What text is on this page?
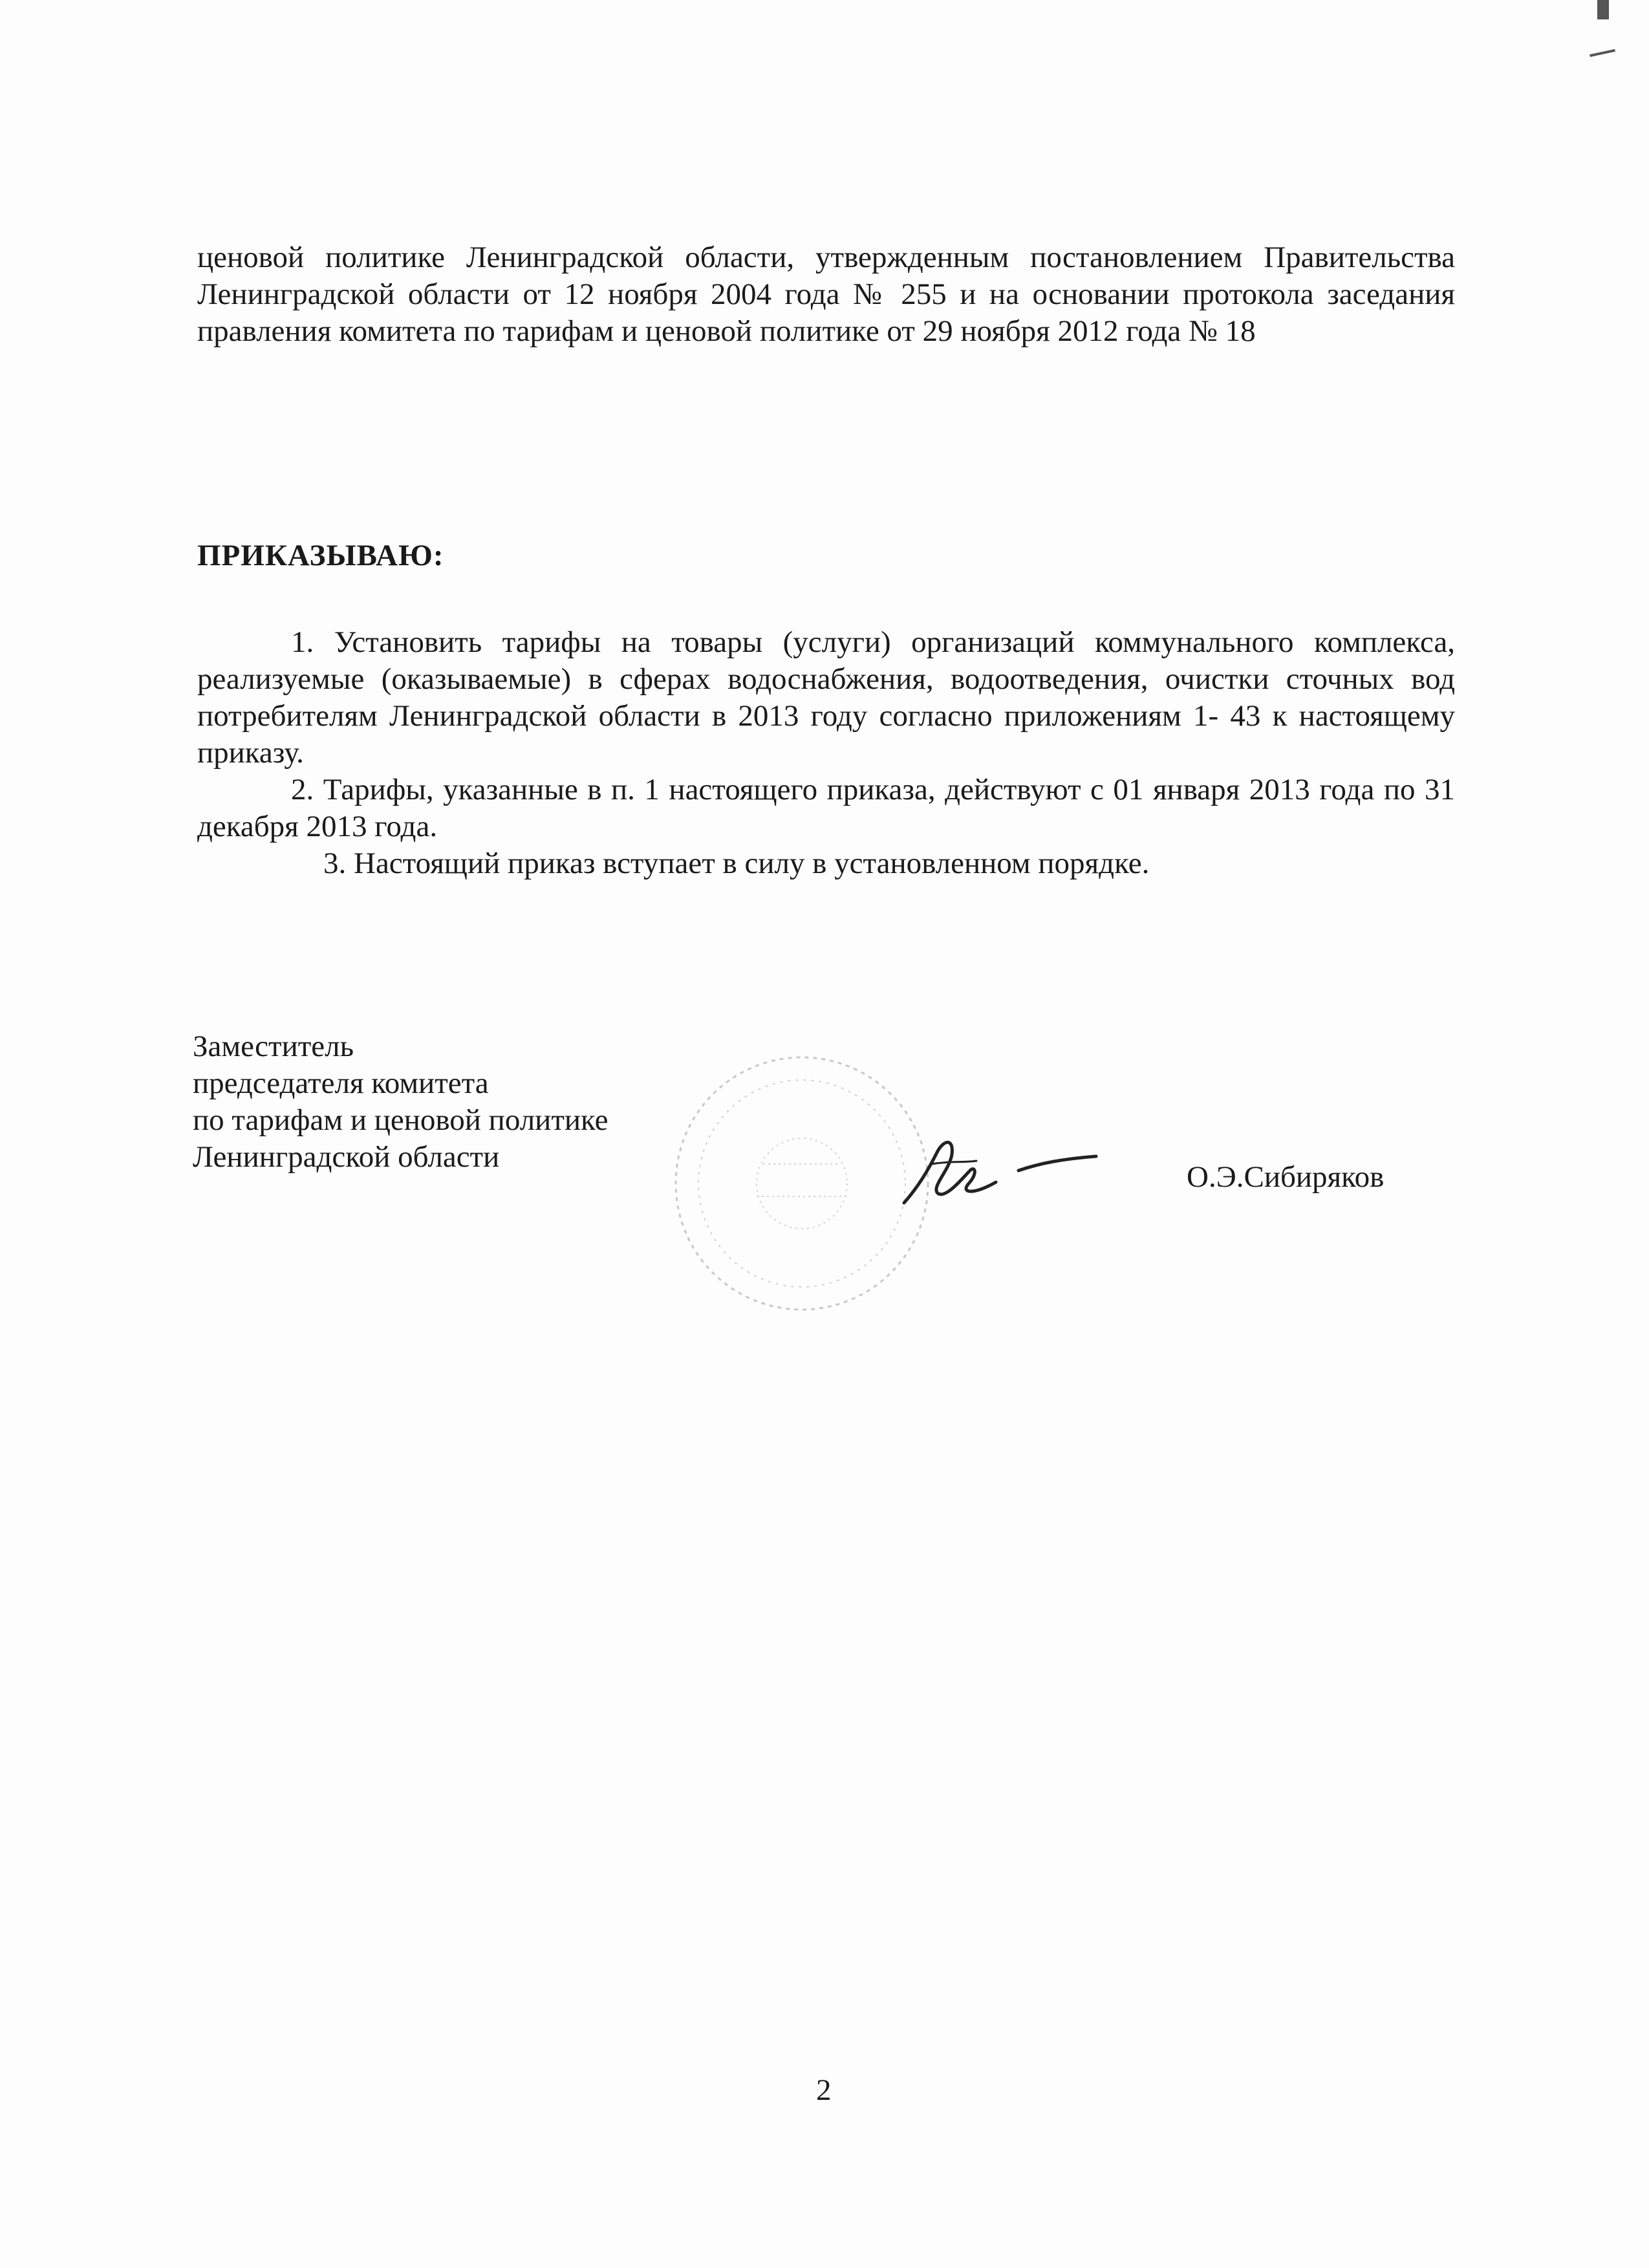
ценовой политике Ленинградской области, утвержденным постановлением Правительства Ленинградской области от 12 ноября 2004 года № 255 и на основании протокола заседания правления комитета по тарифам и ценовой политике от 29 ноября 2012 года № 18

ПРИКАЗЫВАЮ:

1. Установить тарифы на товары (услуги) организаций коммунального комплекса, реализуемые (оказываемые) в сферах водоснабжения, водоотведения, очистки сточных вод потребителям Ленинградской области в 2013 году согласно приложениям 1- 43 к настоящему приказу.

2. Тарифы, указанные в п. 1 настоящего приказа, действуют с 01 января 2013 года по 31 декабря 2013 года.

3. Настоящий приказ вступает в силу в установленном порядке.

Заместитель
председателя комитета
по тарифам и ценовой политике
Ленинградской области
О.Э.Сибиряков
2
